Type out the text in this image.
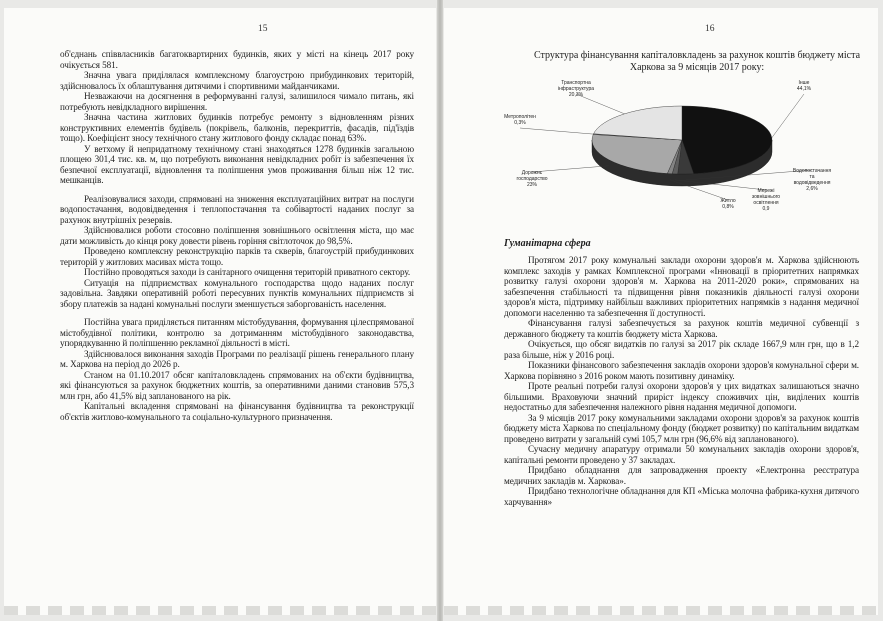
15

об'єднань співвласників багатоквартирних будинків, яких у місті на кінець 2017 року очікується 581.

Значна увага приділялася комплексному благоустрою прибудинкових територій, здійснювалось їх облаштування дитячими і спортивними майданчиками.

Незважаючи на досягнення в реформуванні галузі, залишилося чимало питань, які потребують невідкладного вирішення.

Значна частина житлових будинків потребує ремонту з відновленням різних конструктивних елементів будівель (покрівель, балконів, перекриттів, фасадів, під'їздів тощо). Коефіцієнт зносу технічного стану житлового фонду складає понад 63%.

У ветхому й непридатному технічному стані знаходяться 1278 будинків загальною площею 301,4 тис. кв. м, що потребують виконання невідкладних робіт із забезпечення їх безпечної експлуатації, відновлення та поліпшення умов проживання більш ніж 12 тис. мешканців.

Реалізовувалися заходи, спрямовані на зниження експлуатаційних витрат на послуги водопостачання, водовідведення і теплопостачання та собівартості наданих послуг за рахунок внутрішніх резервів.

Здійснювалися роботи стосовно поліпшення зовнішнього освітлення міста, що має дати можливість до кінця року довести рівень горіння світлоточок до 98,5%.

Проведено комплексну реконструкцію парків та скверів, благоустрій прибудинкових територій у житлових масивах міста тощо.

Постійно проводяться заходи із санітарного очищення територій приватного сектору.

Ситуація на підприємствах комунального господарства щодо наданих послуг задовільна. Завдяки оперативній роботі пересувних пунктів комунальних підприємств зі збору платежів за надані комунальні послуги зменшується заборгованість населення.

Постійна увага приділяється питанням містобудування, формування цілеспрямованої містобудівної політики, контролю за дотриманням містобудівного законодавства, упорядкуванню й поліпшенню рекламної діяльності в місті.

Здійснювалося виконання заходів Програми по реалізації рішень генерального плану м. Харкова на період до 2026 р.

Станом на 01.10.2017 обсяг капіталовкладень спрямованих на об'єкти будівництва, які фінансуються за рахунок бюджетних коштів, за оперативними даними становив 575,3 млн грн, або 41,5% від запланованого на рік.

Капітальні вкладення спрямовані на фінансування будівництва та реконструкції об'єктів житлово-комунального та соціально-культурного призначення.

16

Структура фінансування капіталовкладень за рахунок коштів бюджету міста Харкова за 9 місяців 2017 року:

Інше 44,1%
Водопостачання та водовідведення 2,6%
Мережі зовнішнього освітлення 0,9
Житло 0,8%
Дорожнє господарство 23%
Метрополітен 0,3%
Транспортна інфраструктура 20,3%

Гуманітарна сфера

Протягом 2017 року комунальні заклади охорони здоров'я м. Харкова здійснюють комплекс заходів у рамках Комплексної програми «Інновації в пріоритетних напрямках розвитку галузі охорони здоров'я м. Харкова на 2011-2020 роки», спрямованих на забезпечення стабільності та підвищення рівня показників діяльності галузі охорони здоров'я міста, підтримку найбільш важливих пріоритетних напрямків з надання медичної допомоги населенню та забезпечення її доступності.

Фінансування галузі забезпечується за рахунок коштів медичної субвенції з державного бюджету та коштів бюджету міста Харкова.

Очікується, що обсяг видатків по галузі за 2017 рік складе 1667,9 млн грн, що в 1,2 раза більше, ніж у 2016 році.

Показники фінансового забезпечення закладів охорони здоров'я комунальної сфери м. Харкова порівняно з 2016 роком мають позитивну динаміку.

Проте реальні потреби галузі охорони здоров'я у цих видатках залишаються значно більшими. Враховуючи значний приріст індексу споживчих цін, виділених коштів недостатньо для забезпечення належного рівня надання медичної допомоги.

За 9 місяців 2017 року комунальними закладами охорони здоров'я за рахунок коштів бюджету міста Харкова по спеціальному фонду (бюджет розвитку) по капітальним видаткам проведено витрати у загальній сумі 105,7 млн грн (96,6% від запланованого).

Сучасну медичну апаратуру отримали 50 комунальних закладів охорони здоров'я, капітальні ремонти проведено у 37 закладах.

Придбано обладнання для запровадження проекту «Електронна реєстратура медичних закладів м. Харкова».

Придбано технологічне обладнання для КП «Міська молочна фабрика-кухня дитячого харчування»
